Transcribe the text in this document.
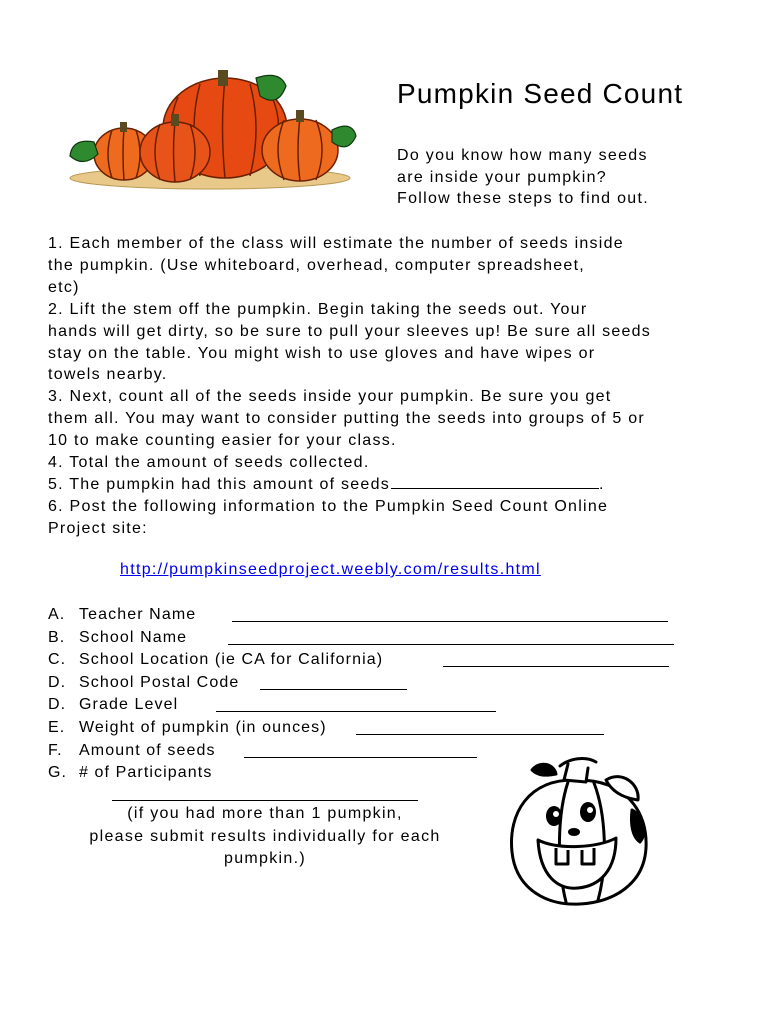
Pumpkin Seed Count
Do you know how many seeds
are inside your pumpkin?
Follow these steps to find out.
1. Each member of the class will estimate the number of seeds inside
the pumpkin. (Use whiteboard, overhead, computer spreadsheet,
etc)
2. Lift the stem off the pumpkin. Begin taking the seeds out. Your
hands will get dirty, so be sure to pull your sleeves up! Be sure all seeds
stay on the table. You might wish to use gloves and have wipes or
towels nearby.
3. Next, count all of the seeds inside your pumpkin. Be sure you get
them all. You may want to consider putting the seeds into groups of 5 or
10 to make counting easier for your class.
4. Total the amount of seeds collected.
5. The pumpkin had this amount of seeds	.
6. Post the following information to the Pumpkin Seed Count Online
Project site:
http://pumpkinseedproject.weebly.com/results.html
A. Teacher Name
B. School Name
C. School Location (ie CA for California)
D. School Postal Code
D. Grade Level
E. Weight of pumpkin (in ounces)
F. Amount of seeds
G. # of Participants
(if you had more than 1 pumpkin,
please submit results individually for each
pumpkin.)
